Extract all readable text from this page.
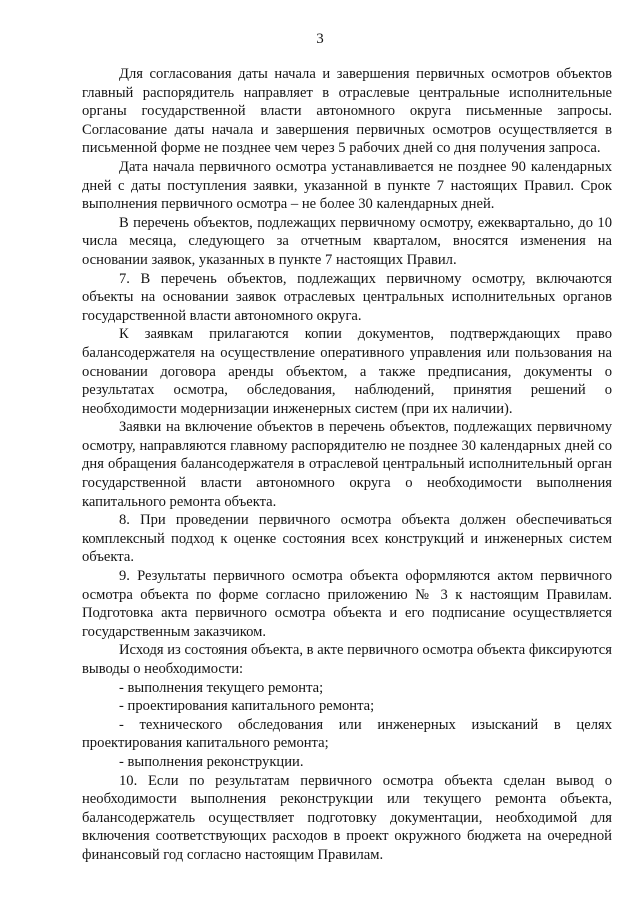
3

Для согласования даты начала и завершения первичных осмотров объектов главный распорядитель направляет в отраслевые центральные исполнительные органы государственной власти автономного округа письменные запросы. Согласование даты начала и завершения первичных осмотров осуществляется в письменной форме не позднее чем через 5 рабочих дней со дня получения запроса.

Дата начала первичного осмотра устанавливается не позднее 90 календарных дней с даты поступления заявки, указанной в пункте 7 настоящих Правил. Срок выполнения первичного осмотра – не более 30 календарных дней.

В перечень объектов, подлежащих первичному осмотру, ежеквартально, до 10 числа месяца, следующего за отчетным кварталом, вносятся изменения на основании заявок, указанных в пункте 7 настоящих Правил.

7. В перечень объектов, подлежащих первичному осмотру, включаются объекты на основании заявок отраслевых центральных исполнительных органов государственной власти автономного округа.

К заявкам прилагаются копии документов, подтверждающих право балансодержателя на осуществление оперативного управления или пользования на основании договора аренды объектом, а также предписания, документы о результатах осмотра, обследования, наблюдений, принятия решений о необходимости модернизации инженерных систем (при их наличии).

Заявки на включение объектов в перечень объектов, подлежащих первичному осмотру, направляются главному распорядителю не позднее 30 календарных дней со дня обращения балансодержателя в отраслевой центральный исполнительный орган государственной власти автономного округа о необходимости выполнения капитального ремонта объекта.

8. При проведении первичного осмотра объекта должен обеспечиваться комплексный подход к оценке состояния всех конструкций и инженерных систем объекта.

9. Результаты первичного осмотра объекта оформляются актом первичного осмотра объекта по форме согласно приложению № 3 к настоящим Правилам. Подготовка акта первичного осмотра объекта и его подписание осуществляется государственным заказчиком.

Исходя из состояния объекта, в акте первичного осмотра объекта фиксируются выводы о необходимости:

- выполнения текущего ремонта;

- проектирования капитального ремонта;

- технического обследования или инженерных изысканий в целях проектирования капитального ремонта;

- выполнения реконструкции.

10. Если по результатам первичного осмотра объекта сделан вывод о необходимости выполнения реконструкции или текущего ремонта объекта, балансодержатель осуществляет подготовку документации, необходимой для включения соответствующих расходов в проект окружного бюджета на очередной финансовый год согласно настоящим Правилам.
